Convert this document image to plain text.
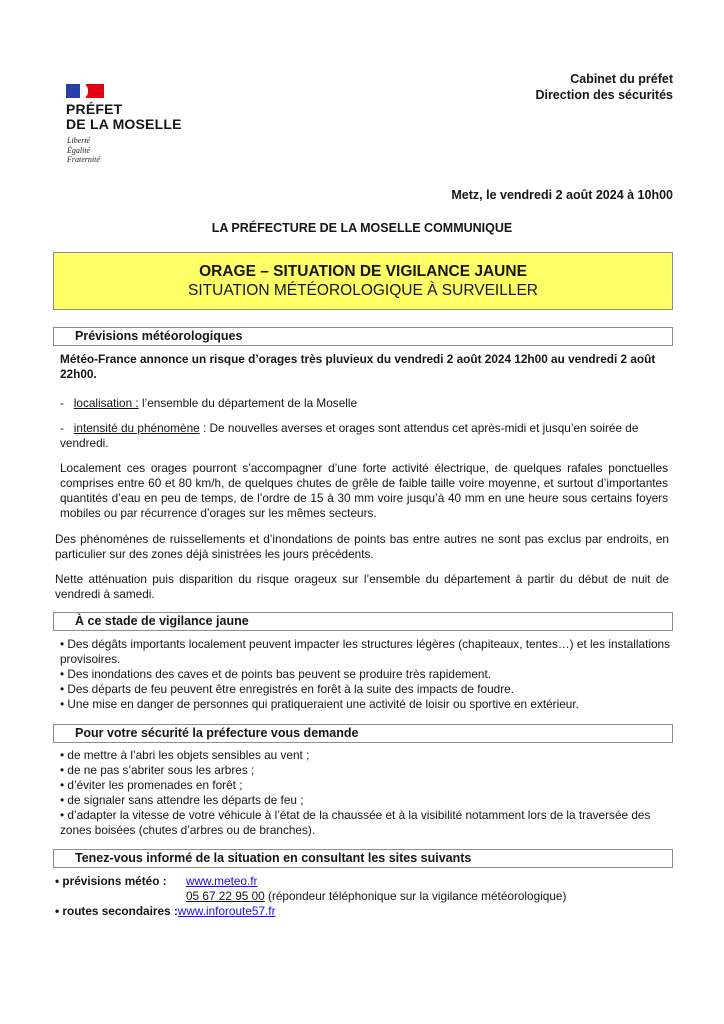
PRÉFET
DE LA MOSELLE
Liberté
Égalité
Fraternité
Cabinet du préfet
Direction des sécurités
Metz, le vendredi 2 août 2024 à 10h00
LA PRÉFECTURE DE LA MOSELLE COMMUNIQUE
ORAGE – SITUATION DE VIGILANCE JAUNE
SITUATION MÉTÉOROLOGIQUE À SURVEILLER
Prévisions météorologiques
Météo-France annonce un risque d’orages très pluvieux du vendredi 2 août 2024 12h00 au vendredi 2 août 22h00.
-   localisation : l’ensemble du département de la Moselle
-   intensité du phénomène : De nouvelles averses et orages sont attendus cet après-midi et jusqu’en soirée de vendredi.
Localement ces orages pourront s’accompagner d’une forte activité électrique, de quelques rafales ponctuelles comprises entre 60 et 80 km/h, de quelques chutes de grêle de faible taille voire moyenne, et surtout d’importantes quantités d’eau en peu de temps, de l’ordre de 15 à 30 mm voire jusqu’à 40 mm en une heure sous certains foyers mobiles ou par récurrence d’orages sur les mêmes secteurs.
Des phénomènes de ruissellements et d’inondations de points bas entre autres ne sont pas exclus par endroits, en particulier sur des zones déjà sinistrées les jours précédents.
Nette atténuation puis disparition du risque orageux sur l’ensemble du département à partir du début de nuit de vendredi à samedi.
À ce stade de vigilance jaune
• Des dégâts importants localement peuvent impacter les structures légères (chapiteaux, tentes…) et les installations provisoires.
• Des inondations des caves et de points bas peuvent se produire très rapidement.
• Des départs de feu peuvent être enregistrés en forêt à la suite des impacts de foudre.
• Une mise en danger de personnes qui pratiqueraient une activité de loisir ou sportive en extérieur.
Pour votre sécurité la préfecture vous demande
• de mettre à l’abri les objets sensibles au vent ;
• de ne pas s’abriter sous les arbres ;
• d’éviter les promenades en forêt ;
• de signaler sans attendre les départs de feu ;
• d’adapter la vitesse de votre véhicule à l’état de la chaussée et à la visibilité notamment lors de la traversée des zones boisées (chutes d’arbres ou de branches).
Tenez-vous informé de la situation en consultant les sites suivants
• prévisions météo : www.meteo.fr
05 67 22 95 00 (répondeur téléphonique sur la vigilance météorologique)
• routes secondaires :www.inforoute57.fr
